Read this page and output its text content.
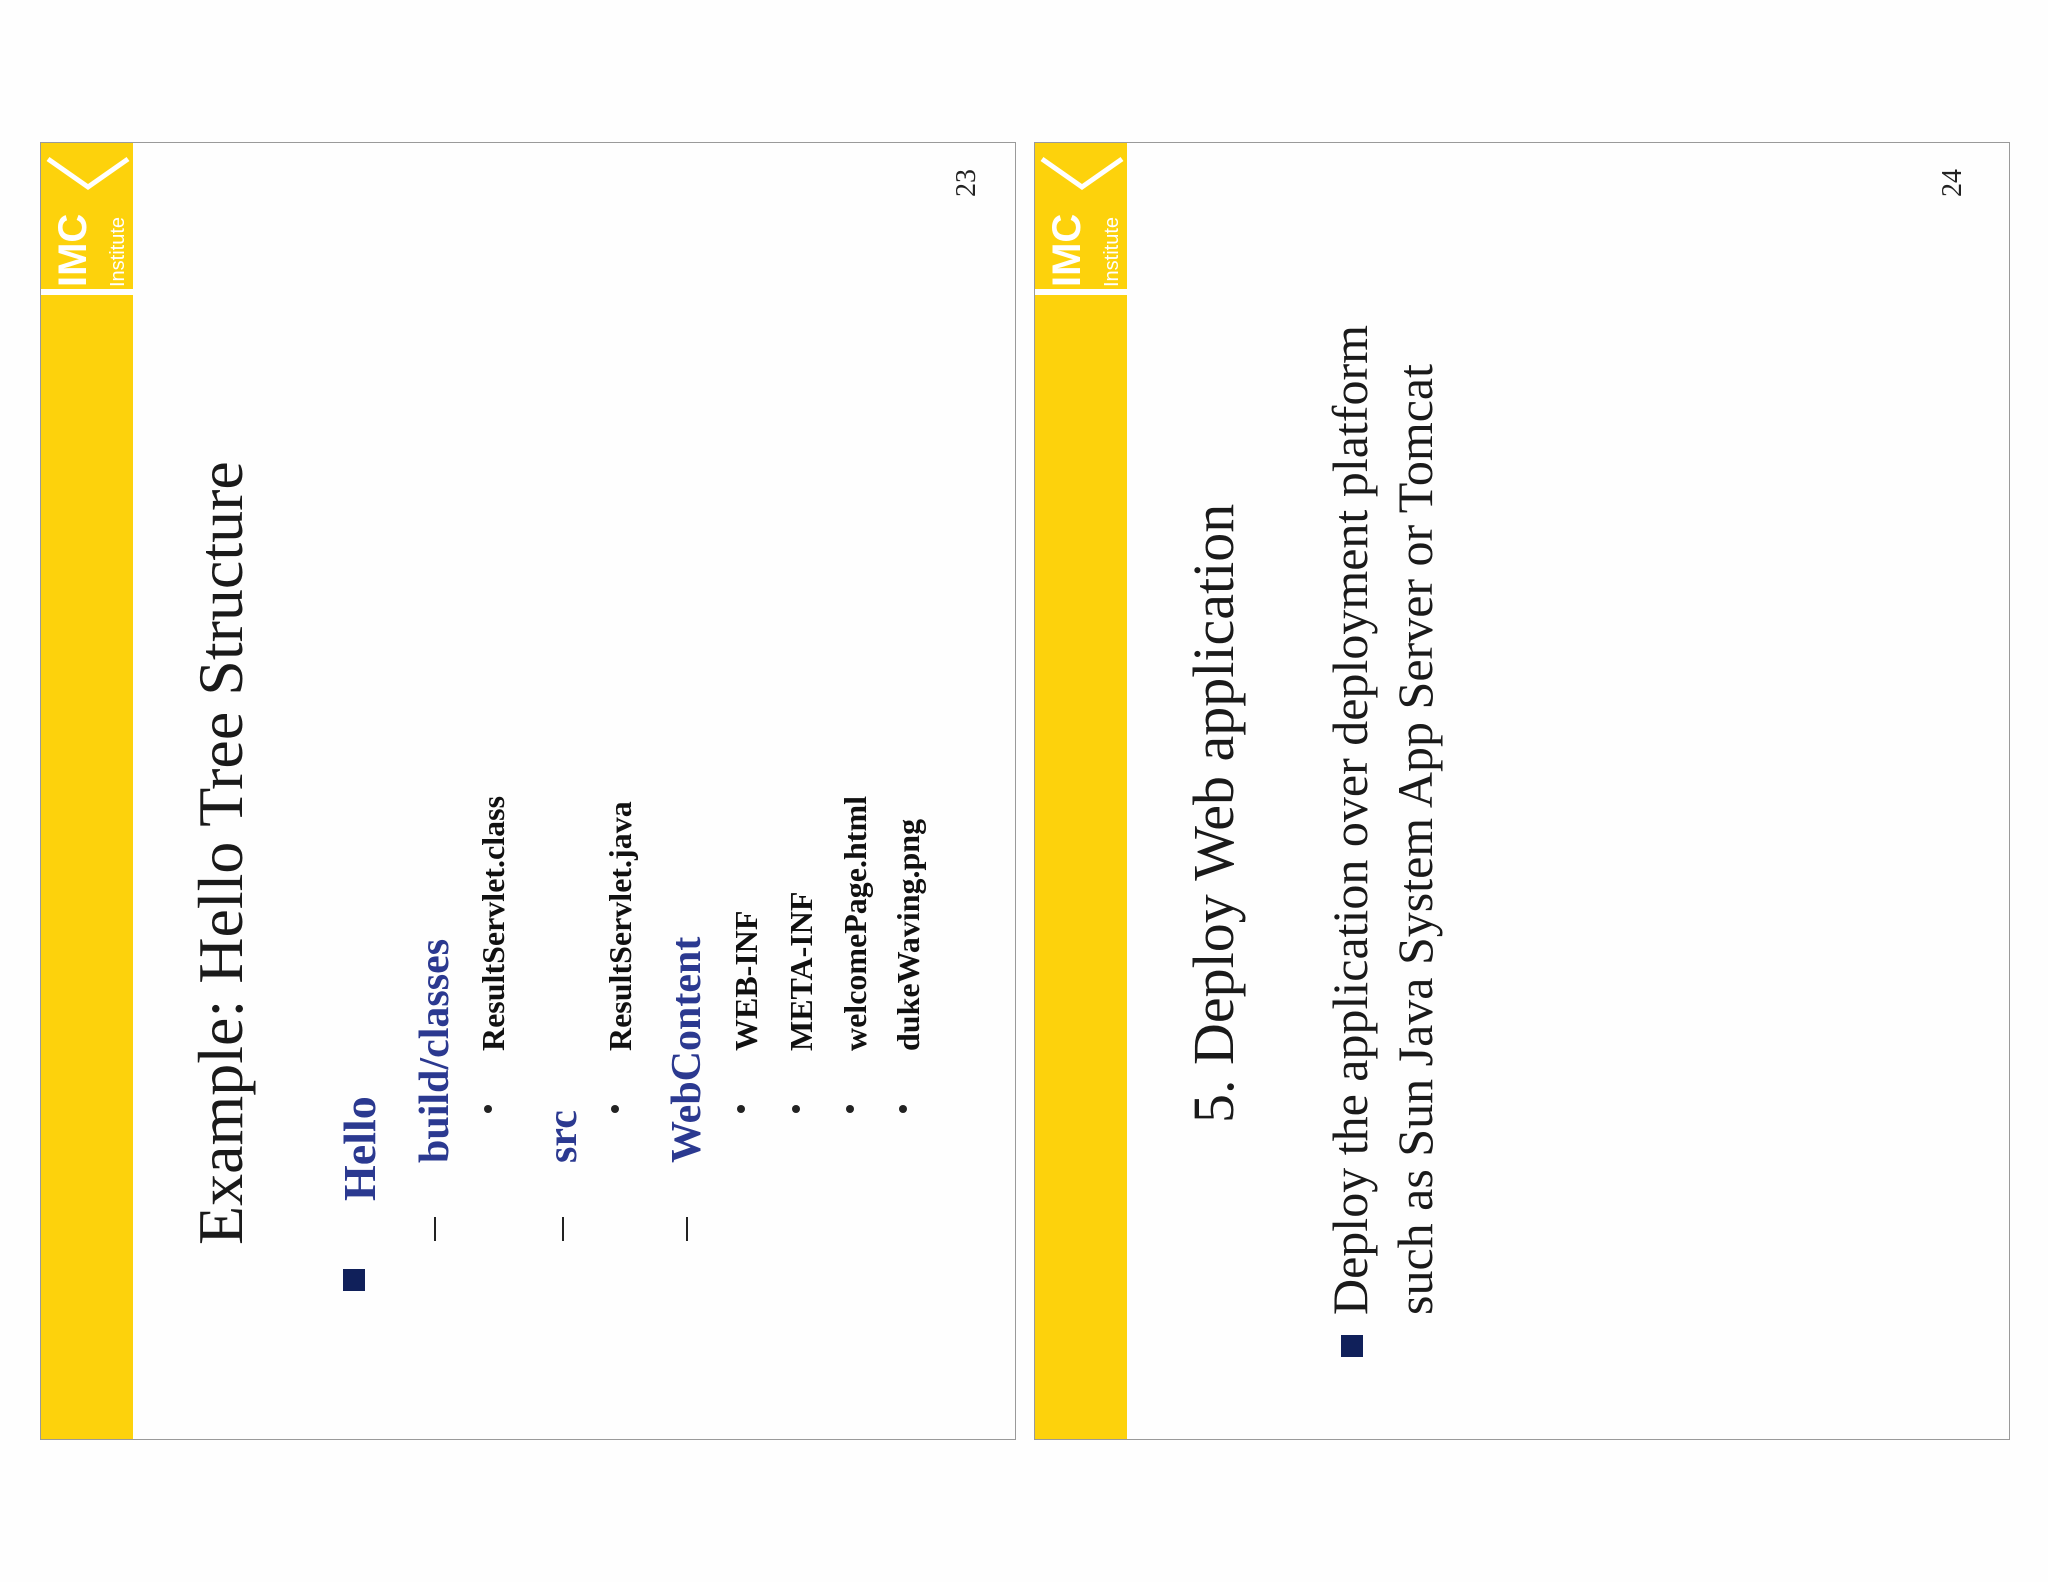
IMC Institute
23
Example: Hello Tree Structure Hello build/classes ResultServlet.class
src
ResultServlet.java WebContent WEB-INF META-INF welcomePage.html dukeWaving.png
IMC Institute
24
5. Deploy Web application Deploy the application over deployment platform such as Sun Java System App Server or Tomcat
